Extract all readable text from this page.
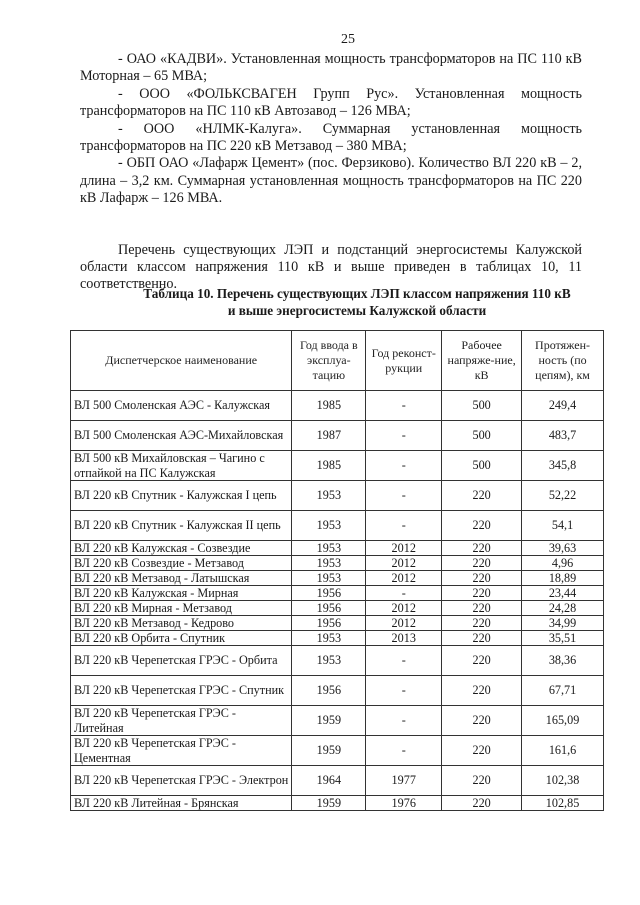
25

- ОАО «КАДВИ». Установленная мощность трансформаторов на ПС 110 кВ Моторная – 65 МВА;

- ООО «ФОЛЬКСВАГЕН Групп Рус». Установленная мощность трансформаторов на ПС 110 кВ Автозавод – 126 МВА;

- ООО «НЛМК-Калуга». Суммарная установленная мощность трансформаторов на ПС 220 кВ Метзавод – 380 МВА;

- ОБП ОАО «Лафарж Цемент» (пос. Ферзиково). Количество ВЛ 220 кВ – 2, длина – 3,2 км. Суммарная установленная мощность трансформаторов на ПС 220 кВ Лафарж – 126 МВА.

Перечень существующих ЛЭП и подстанций энергосистемы Калужской области классом напряжения 110 кВ и выше приведен в таблицах 10, 11 соответственно.

Таблица 10. Перечень существующих ЛЭП классом напряжения 110 кВ
и выше энергосистемы Калужской области
Диспетчерское наименование	Год ввода в эксплуа-тацию	Год реконст-рукции	Рабочее напряже-ние, кВ	Протяжен-ность (по цепям), км
ВЛ 500 Смоленская АЭС - Калужская	1985	-	500	249,4
ВЛ 500 Смоленская АЭС-Михайловская	1987	-	500	483,7
ВЛ 500 кВ Михайловская – Чагино с отпайкой на ПС Калужская	1985	-	500	345,8
ВЛ 220 кВ Спутник - Калужская I цепь	1953	-	220	52,22
ВЛ 220 кВ Спутник - Калужская II цепь	1953	-	220	54,1
ВЛ 220 кВ Калужская - Созвездие	1953	2012	220	39,63
ВЛ 220 кВ Созвездие - Метзавод	1953	2012	220	4,96
ВЛ 220 кВ Метзавод - Латышская	1953	2012	220	18,89
ВЛ 220 кВ Калужская - Мирная	1956	-	220	23,44
ВЛ 220 кВ Мирная - Метзавод	1956	2012	220	24,28
ВЛ 220 кВ Метзавод - Кедрово	1956	2012	220	34,99
ВЛ 220 кВ Орбита - Спутник	1953	2013	220	35,51
ВЛ 220 кВ Черепетская ГРЭС - Орбита	1953	-	220	38,36
ВЛ 220 кВ Черепетская ГРЭС - Спутник	1956	-	220	67,71
ВЛ 220 кВ Черепетская ГРЭС - Литейная	1959	-	220	165,09
ВЛ 220 кВ Черепетская ГРЭС - Цементная	1959	-	220	161,6
ВЛ 220 кВ Черепетская ГРЭС - Электрон	1964	1977	220	102,38
ВЛ 220 кВ Литейная - Брянская	1959	1976	220	102,85
